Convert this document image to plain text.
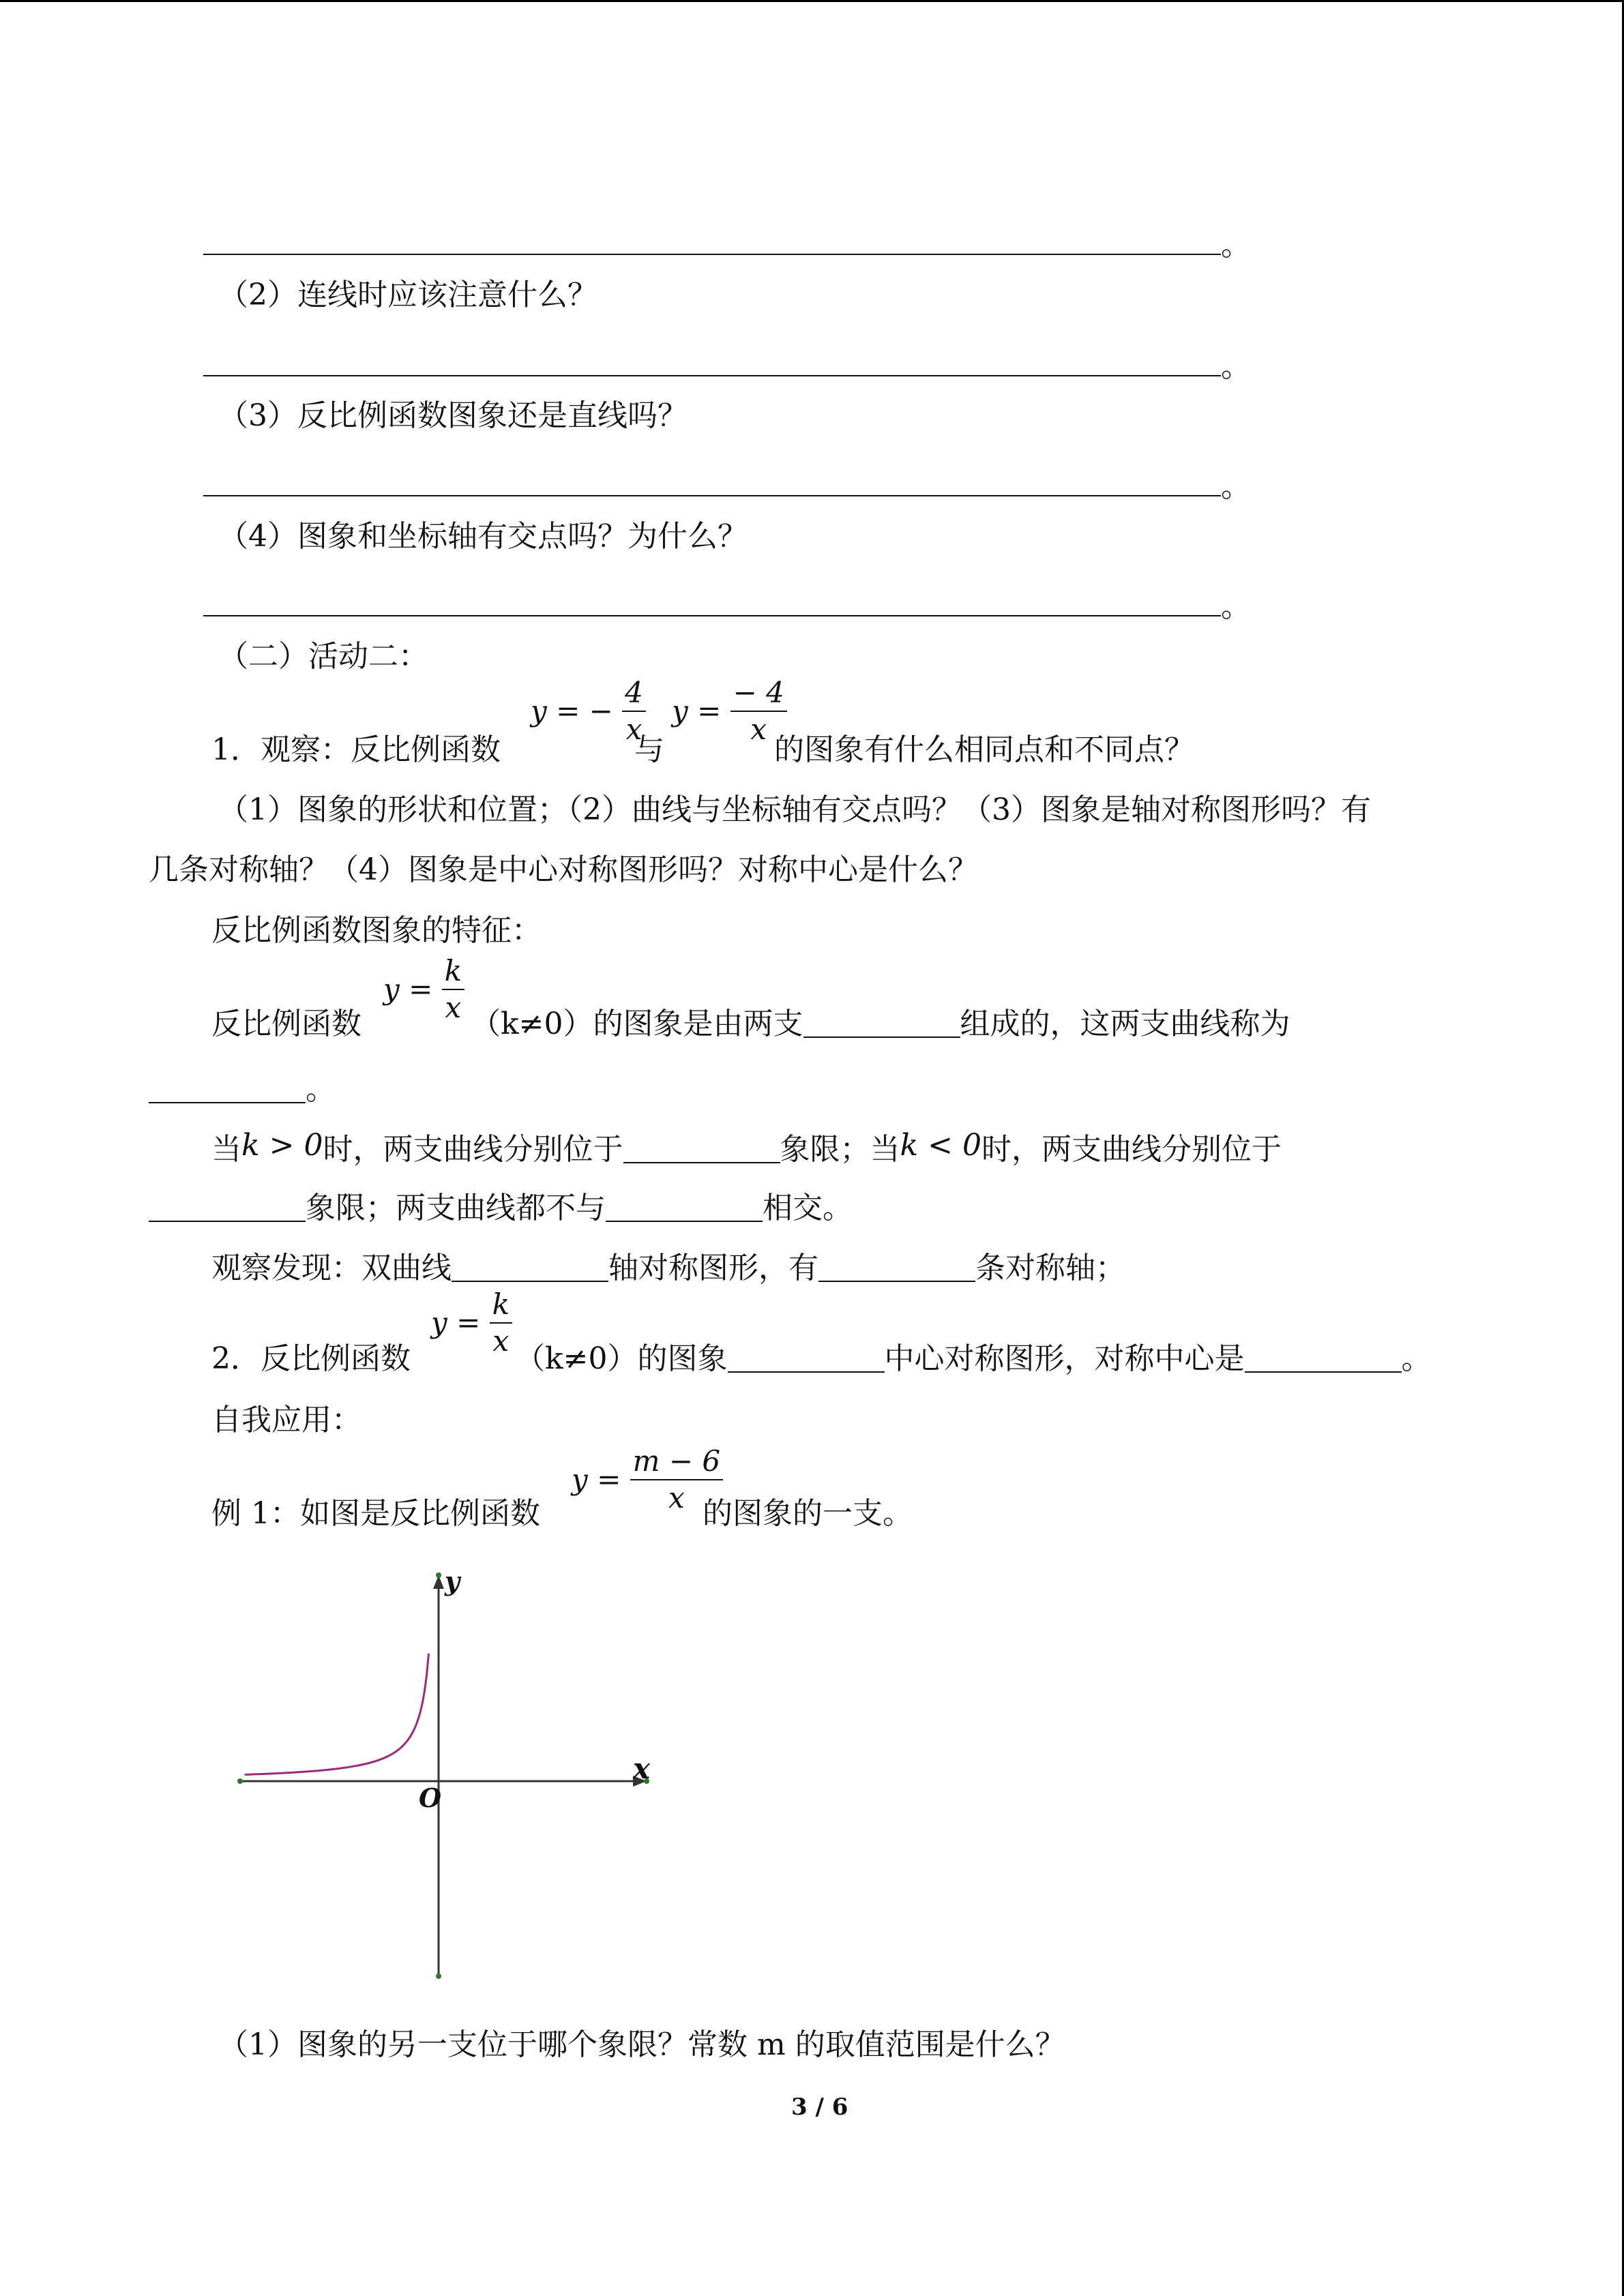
。
（2）连线时应该注意什么？
。
（3）反比例函数图象还是直线吗？
。
（4）图象和坐标轴有交点吗？为什么？
。
（二）活动二：
1．观察：反比例函数
y = − $\frac{4}{x}$
与
$y = \frac{- 4}{x}$
的图象有什么相同点和不同点？
（1）图象的形状和位置；（2）曲线与坐标轴有交点吗？（3）图象是轴对称图形吗？有
几条对称轴？（4）图象是中心对称图形吗？对称中心是什么？
反比例函数图象的特征：
反比例函数
$y = \frac{k}{x} (k\ne 0)$的图象是由两支	组成的，这两支曲线称为
。
当k > 0时，两支曲线分别位于	象限；当k < 0时，两支曲线分别位于
象限；两支曲线都不与	相交。
观察发现：双曲线	轴对称图形，有	条对称轴；
2．反比例函数
$y = \frac{k}{x} (k\ne 0)$的图象	中心对称图形，对称中心是	。
自我应用：
例 1：如图是反比例函数
$y = \frac{m - 6}{x}$
的图象的一支。
y
x
O
（1）图象的另一支位于哪个象限？常数 m 的取值范围是什么？
3 / 6
